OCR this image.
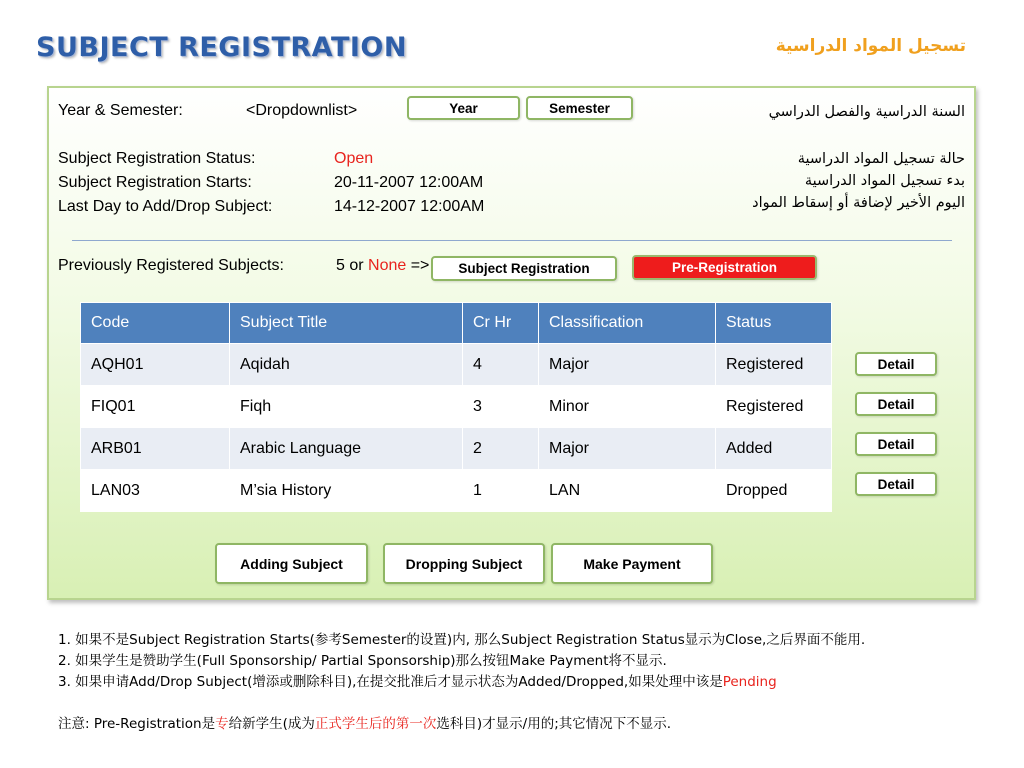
SUBJECT REGISTRATION	تسجيل المواد الدراسية
Year & Semester:	<Dropdownlist>	Year	Semester
Subject Registration Status:	Open
Subject Registration Starts:	20-11-2007 12:00AM
Last Day to Add/Drop Subject:	14-12-2007 12:00AM
السنة الدراسية والفصل الدراسي
حالة تسجيل المواد الدراسية
بدء تسجيل المواد الدراسية
اليوم الأخير لإضافة أو إسقاط المواد
Previously Registered Subjects:	5 or None =>	Subject Registration	Pre-Registration
Code	Subject Title	Cr Hr	Classification	Status
AQH01	Aqidah	4	Major	Registered
FIQ01	Fiqh	3	Minor	Registered
ARB01	Arabic Language	2	Major	Added
LAN03	M’sia History	1	LAN	Dropped
Detail
Detail
Detail
Detail
Adding Subject	Dropping Subject	Make Payment
1. 如果不是Subject Registration Starts(参考Semester的设置)内, 那么Subject Registration Status显示为Close,之后界面不能用.
2. 如果学生是赞助学生(Full Sponsorship/ Partial Sponsorship)那么按钮Make Payment将不显示.
3. 如果申请Add/Drop Subject(增添或删除科目),在提交批准后才显示状态为Added/Dropped,如果处理中该是Pending
注意: Pre-Registration是专给新学生(成为正式学生后的第一次选科目)才显示/用的;其它情况下不显示.
